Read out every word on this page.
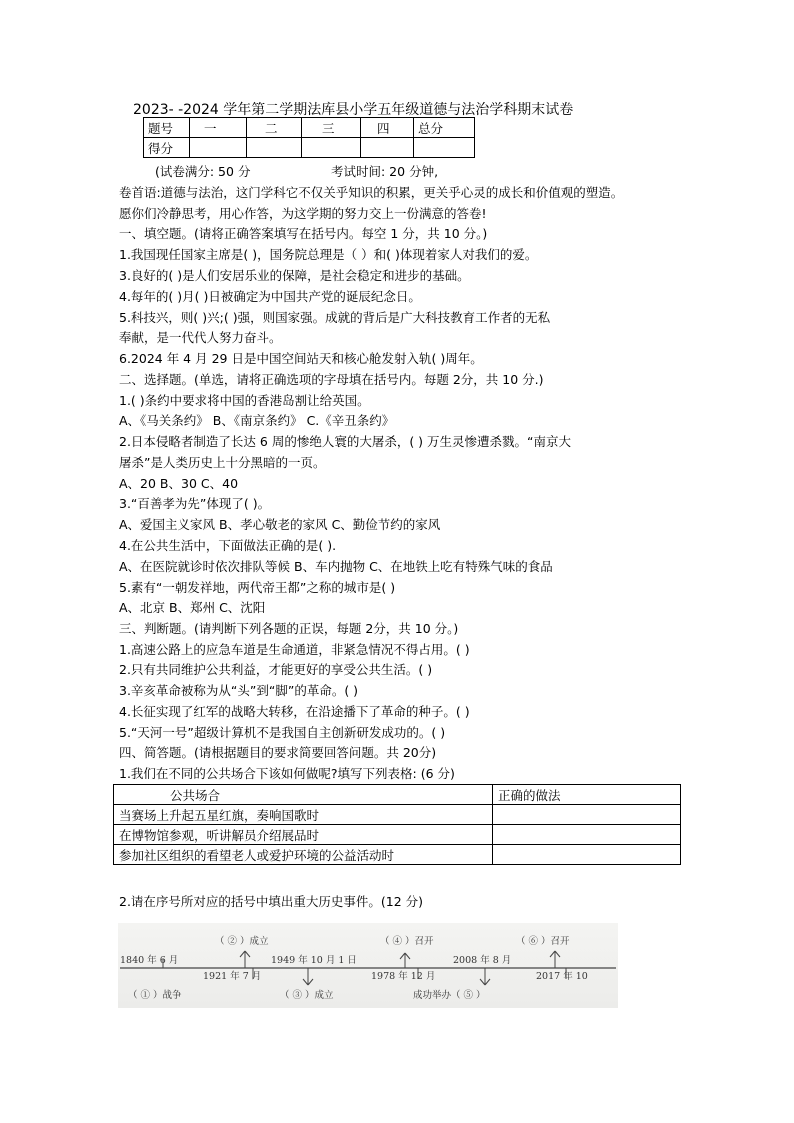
2023- -2024 学年第二学期法库县小学五年级道德与法治学科期末试卷
题号	一	二	三	四	总分
得分					
(试卷满分: 50 分	考试时间: 20 分钟,
卷首语:道德与法治，这门学科它不仅关乎知识的积累，更关乎心灵的成长和价值观的塑造。
愿你们冷静思考，用心作答，为这学期的努力交上一份满意的答卷!
一、填空题。(请将正确答案填写在括号内。每空 1 分，共 10 分。)
1.我国现任国家主席是( )，国务院总理是（ ）和( )体现着家人对我们的爱。
3.良好的( )是人们安居乐业的保障，是社会稳定和进步的基础。
4.每年的( )月( )日被确定为中国共产党的诞辰纪念日。
5.科技兴，则( )兴;( )强，则国家强。成就的背后是广大科技教育工作者的无私
奉献，是一代代人努力奋斗。
6.2024 年 4 月 29 日是中国空间站天和核心舱发射入轨( )周年。
二、选择题。(单选，请将正确选项的字母填在括号内。每题 2分，共 10 分.)
1.( )条约中要求将中国的香港岛割让给英国。
A、《马关条约》 B、《南京条约》 C.《辛丑条约》
2.日本侵略者制造了长达 6 周的惨绝人寰的大屠杀，( ) 万生灵惨遭杀戮。“南京大
屠杀”是人类历史上十分黑暗的一页。
A、20 B、30 C、40
3.“百善孝为先”体现了( )。
A、爱国主义家风 B、孝心敬老的家风 C、勤俭节约的家风
4.在公共生活中，下面做法正确的是( ).
A、在医院就诊时依次排队等候 B、车内抛物 C、在地铁上吃有特殊气味的食品
5.素有“一朝发祥地，两代帝王都”之称的城市是( )
A、北京 B、郑州 C、沈阳
三、判断题。(请判断下列各题的正误，每题 2分，共 10 分。)
1.高速公路上的应急车道是生命通道，非紧急情况不得占用。( )
2.只有共同维护公共利益，才能更好的享受公共生活。( )
3.辛亥革命被称为从“头”到“脚”的革命。( )
4.长征实现了红军的战略大转移，在沿途播下了革命的种子。( )
5.“天河一号”超级计算机不是我国自主创新研发成功的。( )
四、简答题。(请根据题目的要求简要回答问题。共 20分)
1.我们在不同的公共场合下该如何做呢?填写下列表格: (6 分)
公共场合	正确的做法
当赛场上升起五星红旗，奏响国歌时	
在博物馆参观，听讲解员介绍展品时	
参加社区组织的看望老人或爱护环境的公益活动时	
2.请在序号所对应的括号中填出重大历史事件。(12 分)
（ ② ）成立	（ ④ ）召开	（ ⑥ ）召开
1840 年 6 月	1949 年 10 月 1 日	2008 年 8 月
1921 年 7 月	1978 年 12 月	2017 年 10
（ ① ）战争	（ ③ ）成立	成功举办（ ⑤ ）
